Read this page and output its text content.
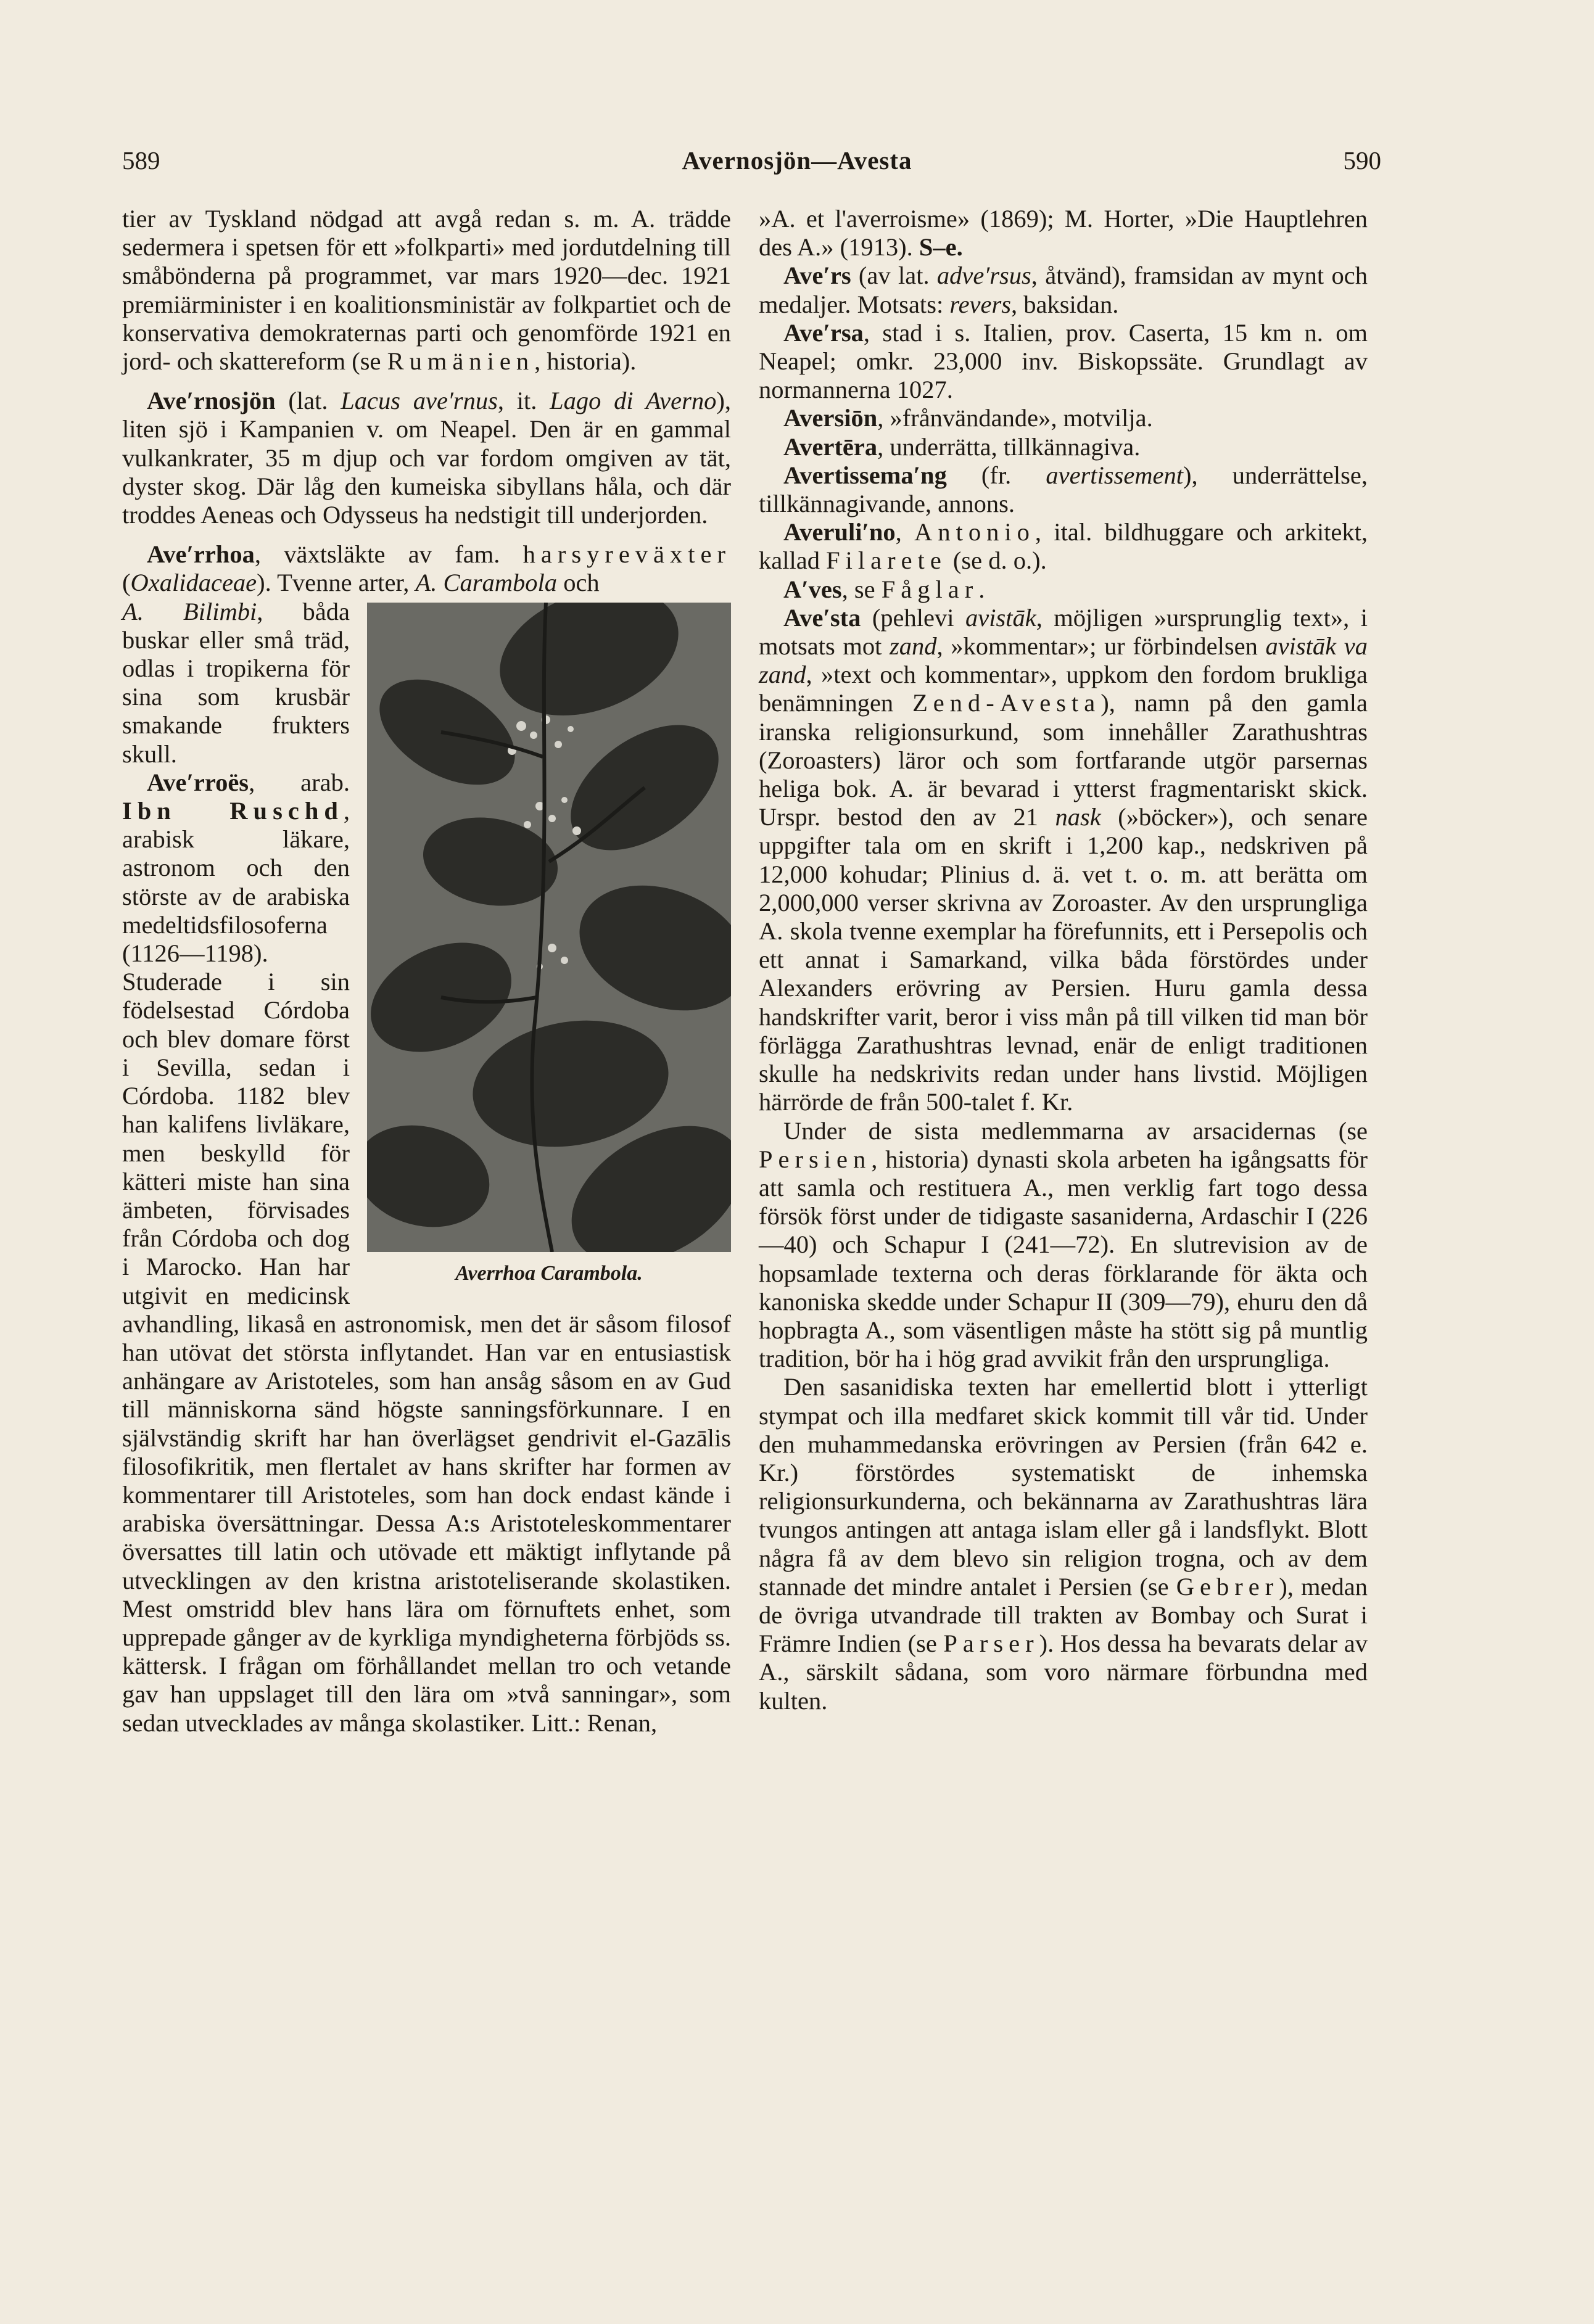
589	Avernosjön—Avesta	590

tier av Tyskland nödgad att avgå redan s. m. A. trädde sedermera i spetsen för ett »folkparti» med jordutdelning till småbönderna på programmet, var mars 1920—dec. 1921 premiärminister i en koalitionsministär av folkpartiet och de konservativa demokraternas parti och genomförde 1921 en jord- och skattereform (se Rumänien, historia).

Ave′rnosjön (lat. Lacus ave′rnus, it. Lago di Averno), liten sjö i Kampanien v. om Neapel. Den är en gammal vulkankrater, 35 m djup och var fordom omgiven av tät, dyster skog. Där låg den kumeiska sibyllans håla, och där troddes Aeneas och Odysseus ha nedstigit till underjorden.

Ave′rrhoa, växtsläkte av fam. harsyreväxter (Oxalidaceae). Tvenne arter, A. Carambola och

Averrhoa Carambola.
A. Bilimbi, båda buskar eller små träd, odlas i tropikerna för sina som krusbär smakande frukters skull.

Ave′rroës, arab. Ibn Ruschd, arabisk läkare, astronom och den störste av de arabiska medeltidsfilosoferna (1126—1198). Studerade i sin födelsestad Córdoba och blev domare först i Sevilla, sedan i Córdoba. 1182 blev han kalifens livläkare, men beskylld för kätteri miste han sina ämbeten, förvisades från Córdoba och dog i Marocko. Han har utgivit en medicinsk avhandling, likaså en astronomisk, men det är såsom filosof han utövat det största inflytandet. Han var en entusiastisk anhängare av Aristoteles, som han ansåg såsom en av Gud till människorna sänd högste sanningsförkunnare. I en självständig skrift har han överlägset gendrivit el-Gazālis filosofikritik, men flertalet av hans skrifter har formen av kommentarer till Aristoteles, som han dock endast kände i arabiska översättningar. Dessa A:s Aristoteleskommentarer översattes till latin och utövade ett mäktigt inflytande på utvecklingen av den kristna aristoteliserande skolastiken. Mest omstridd blev hans lära om förnuftets enhet, som upprepade gånger av de kyrkliga myndigheterna förbjöds ss. kättersk. I frågan om förhållandet mellan tro och vetande gav han uppslaget till den lära om »två sanningar», som sedan utvecklades av många skolastiker. Litt.: Renan,

»A. et l'averroisme» (1869); M. Horter, »Die Hauptlehren des A.» (1913). S–e.

Ave′rs (av lat. adve′rsus, åtvänd), framsidan av mynt och medaljer. Motsats: revers, baksidan.

Ave′rsa, stad i s. Italien, prov. Caserta, 15 km n. om Neapel; omkr. 23,000 inv. Biskopssäte. Grundlagt av normannerna 1027.

Aversiōn, »frånvändande», motvilja.

Avertēra, underrätta, tillkännagiva.

Avertissema′ng (fr. avertissement), underrättelse, tillkännagivande, annons.

Averuli′no, Antonio, ital. bildhuggare och arkitekt, kallad Filarete (se d. o.).

A′ves, se Fåglar.

Ave′sta (pehlevi avistāk, möjligen »ursprunglig text», i motsats mot zand, »kommentar»; ur förbindelsen avistāk va zand, »text och kommentar», uppkom den fordom brukliga benämningen Zend-Avesta), namn på den gamla iranska religionsurkund, som innehåller Zarathushtras (Zoroasters) läror och som fortfarande utgör parsernas heliga bok. A. är bevarad i ytterst fragmentariskt skick. Urspr. bestod den av 21 nask (»böcker»), och senare uppgifter tala om en skrift i 1,200 kap., nedskriven på 12,000 kohudar; Plinius d. ä. vet t. o. m. att berätta om 2,000,000 verser skrivna av Zoroaster. Av den ursprungliga A. skola tvenne exemplar ha förefunnits, ett i Persepolis och ett annat i Samarkand, vilka båda förstördes under Alexanders erövring av Persien. Huru gamla dessa handskrifter varit, beror i viss mån på till vilken tid man bör förlägga Zarathushtras levnad, enär de enligt traditionen skulle ha nedskrivits redan under hans livstid. Möjligen härrörde de från 500-talet f. Kr.

Under de sista medlemmarna av arsacidernas (se Persien, historia) dynasti skola arbeten ha igångsatts för att samla och restituera A., men verklig fart togo dessa försök först under de tidigaste sasaniderna, Ardaschir I (226—40) och Schapur I (241—72). En slutrevision av de hopsamlade texterna och deras förklarande för äkta och kanoniska skedde under Schapur II (309—79), ehuru den då hopbragta A., som väsentligen måste ha stött sig på muntlig tradition, bör ha i hög grad avvikit från den ursprungliga.

Den sasanidiska texten har emellertid blott i ytterligt stympat och illa medfaret skick kommit till vår tid. Under den muhammedanska erövringen av Persien (från 642 e. Kr.) förstördes systematiskt de inhemska religionsurkunderna, och bekännarna av Zarathushtras lära tvungos antingen att antaga islam eller gå i landsflykt. Blott några få av dem blevo sin religion trogna, och av dem stannade det mindre antalet i Persien (se Gebrer), medan de övriga utvandrade till trakten av Bombay och Surat i Främre Indien (se Parser). Hos dessa ha bevarats delar av A., särskilt sådana, som voro närmare förbundna med kulten.
